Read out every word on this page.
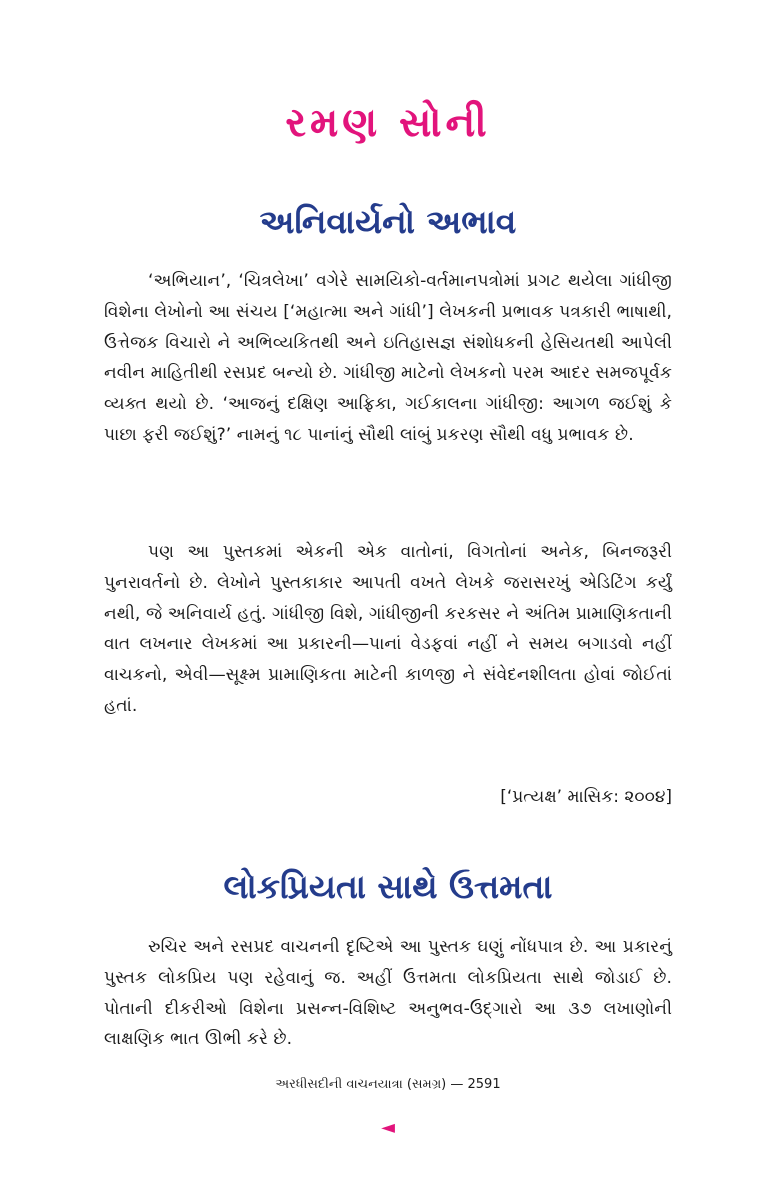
રમણ સોની
અનિવાર્યનો અભાવ

‘અભિયાન’, ‘ચિત્રલેખા’ વગેરે સામયિકો-વર્તમાનપત્રોમાં પ્રગટ થયેલા ગાંધીજી વિશેના લેખોનો આ સંચય [‘મહાત્મા અને ગાંધી’] લેખકની પ્રભાવક પત્રકારી ભાષાથી, ઉત્તેજક વિચારો ને અભિવ્યકિતથી અને ઇતિહાસજ્ઞ સંશોધકની હેસિયતથી આપેલી નવીન માહિતીથી રસપ્રદ બન્યો છે. ગાંધીજી માટેનો લેખકનો પરમ આદર સમજપૂર્વક વ્યક્ત થયો છે. ‘આજનું દક્ષિણ આફ્રિકા, ગઈકાલના ગાંધીજી: આગળ જઈશું કે પાછા ફરી જઈશું?’ નામનું ૧૮ પાનાંનું સૌથી લાંબું પ્રકરણ સૌથી વધુ પ્રભાવક છે.

પણ આ પુસ્તકમાં એકની એક વાતોનાં, વિગતોનાં અનેક, બિનજરૂરી પુનરાવર્તનો છે. લેખોને પુસ્તકાકાર આપતી વખતે લેખકે જરાસરખું એડિટિંગ કર્યું નથી, જે અનિવાર્ય હતું. ગાંધીજી વિશે, ગાંધીજીની કરકસર ને અંતિમ પ્રામાણિકતાની વાત લખનાર લેખકમાં આ પ્રકારની—પાનાં વેડફવાં નહીં ને સમય બગાડવો નહીં વાચકનો, એવી—સૂક્ષ્મ પ્રામાણિકતા માટેની કાળજી ને સંવેદનશીલતા હોવાં જોઈતાં હતાં.

[‘પ્રત્યક્ષ’ માસિક: ૨૦૦૪]
લોકપ્રિયતા સાથે ઉત્તમતા

રુચિર અને રસપ્રદ વાચનની દૃષ્ટિએ આ પુસ્તક ઘણું નોંધપાત્ર છે. આ પ્રકારનું પુસ્તક લોકપ્રિય પણ રહેવાનું જ. અહીં ઉત્તમતા લોકપ્રિયતા સાથે જોડાઈ છે. પોતાની દીકરીઓ વિશેના પ્રસન્ન-વિશિષ્ટ અનુભવ-ઉદ્ગારો આ ૩૭ લખાણોની લાક્ષણિક ભાત ઊભી કરે છે.

અરધીસદીની વાચનયાત્રા (સમગ્ર) — 2591
◄
